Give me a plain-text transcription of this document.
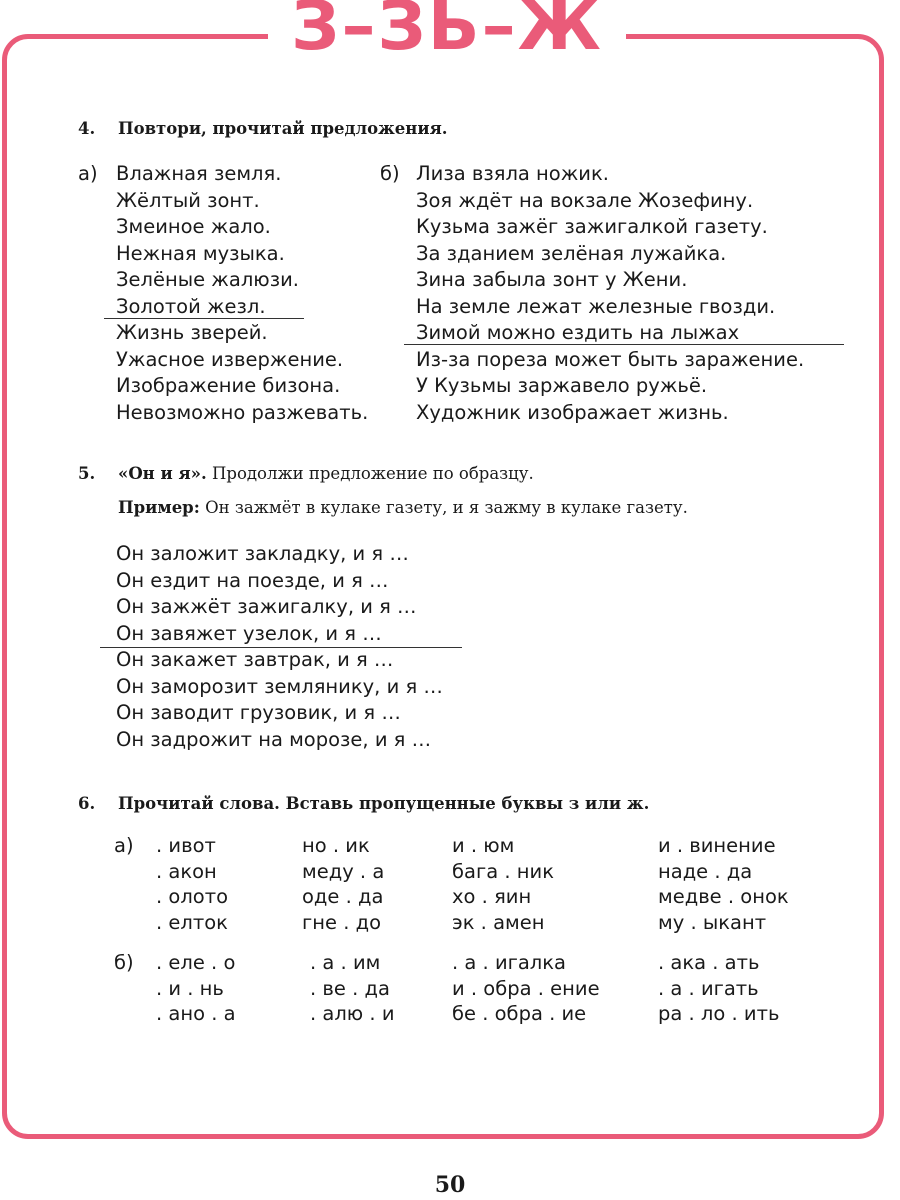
З–ЗЬ–Ж
4. Повтори, прочитай предложения.
а) Влажная земля.
Жёлтый зонт.
Змеиное жало.
Нежная музыка.
Зелёные жалюзи.
Золотой жезл.
Жизнь зверей.
Ужасное извержение.
Изображение бизона.
Невозможно разжевать.
б) Лиза взяла ножик.
Зоя ждёт на вокзале Жозефину.
Кузьма зажёг зажигалкой газету.
За зданием зелёная лужайка.
Зина забыла зонт у Жени.
На земле лежат железные гвозди.
Зимой можно ездить на лыжах
Из-за пореза может быть заражение.
У Кузьмы заржавело ружьё.
Художник изображает жизнь.
5. «Он и я». Продолжи предложение по образцу.
Пример: Он зажмёт в кулаке газету, и я зажму в кулаке газету.
Он заложит закладку, и я …
Он ездит на поезде, и я …
Он зажжёт зажигалку, и я …
Он завяжет узелок, и я …
Он закажет завтрак, и я …
Он заморозит землянику, и я …
Он заводит грузовик, и я …
Он задрожит на морозе, и я …
6. Прочитай слова. Вставь пропущенные буквы з или ж.
а) . ивот
. акон
. олото
. елток
но . ик
меду . а
оде . да
гне . до
и . юм
бага . ник
хо . яин
эк . амен
и . винение
наде . да
медве . онок
му . ыкант
б) . еле . о
. и . нь
. ано . а
. а . им
. ве . да
. алю . и
. а . игалка
и . обра . ение
бе . обра . ие
. ака . ать
. а . игать
ра . ло . ить
50
